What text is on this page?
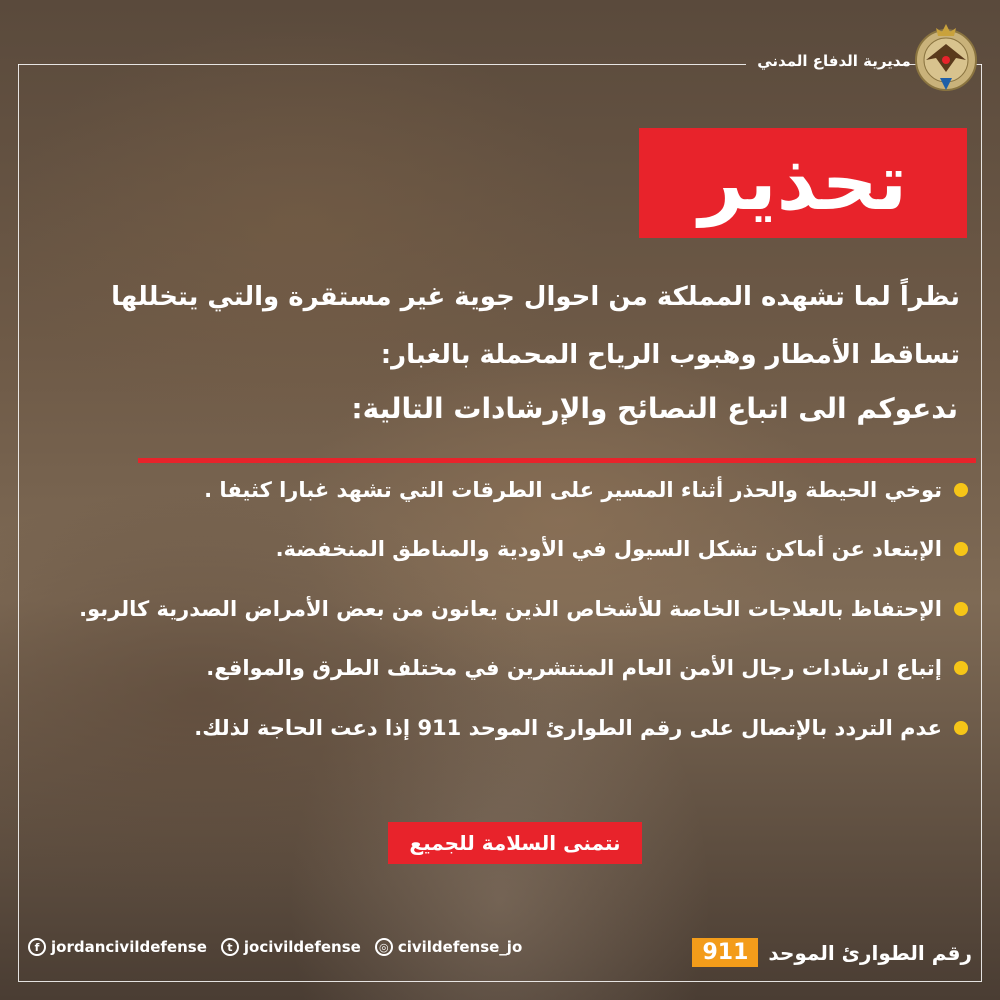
مديرية الدفاع المدني
تحذير
نظراً لما تشهده المملكة من احوال جوية غير مستقرة والتي يتخللها
تساقط الأمطار وهبوب الرياح المحملة بالغبار:
ندعوكم الى اتباع النصائح والإرشادات التالية:
توخي الحيطة والحذر أثناء المسير على الطرقات التي تشهد غبارا كثيفا .
الإبتعاد عن أماكن تشكل السيول في الأودية والمناطق المنخفضة.
الإحتفاظ بالعلاجات الخاصة للأشخاص الذين يعانون من بعض الأمراض الصدرية كالربو.
إتباع ارشادات رجال الأمن العام المنتشرين في مختلف الطرق والمواقع.
عدم التردد بالإتصال على رقم الطوارئ الموحد 911 إذا دعت الحاجة لذلك.
نتمنى السلامة للجميع
f jordancivildefense	t jocivildefense	◎ civildefense_jo	911	رقم الطوارئ الموحد
